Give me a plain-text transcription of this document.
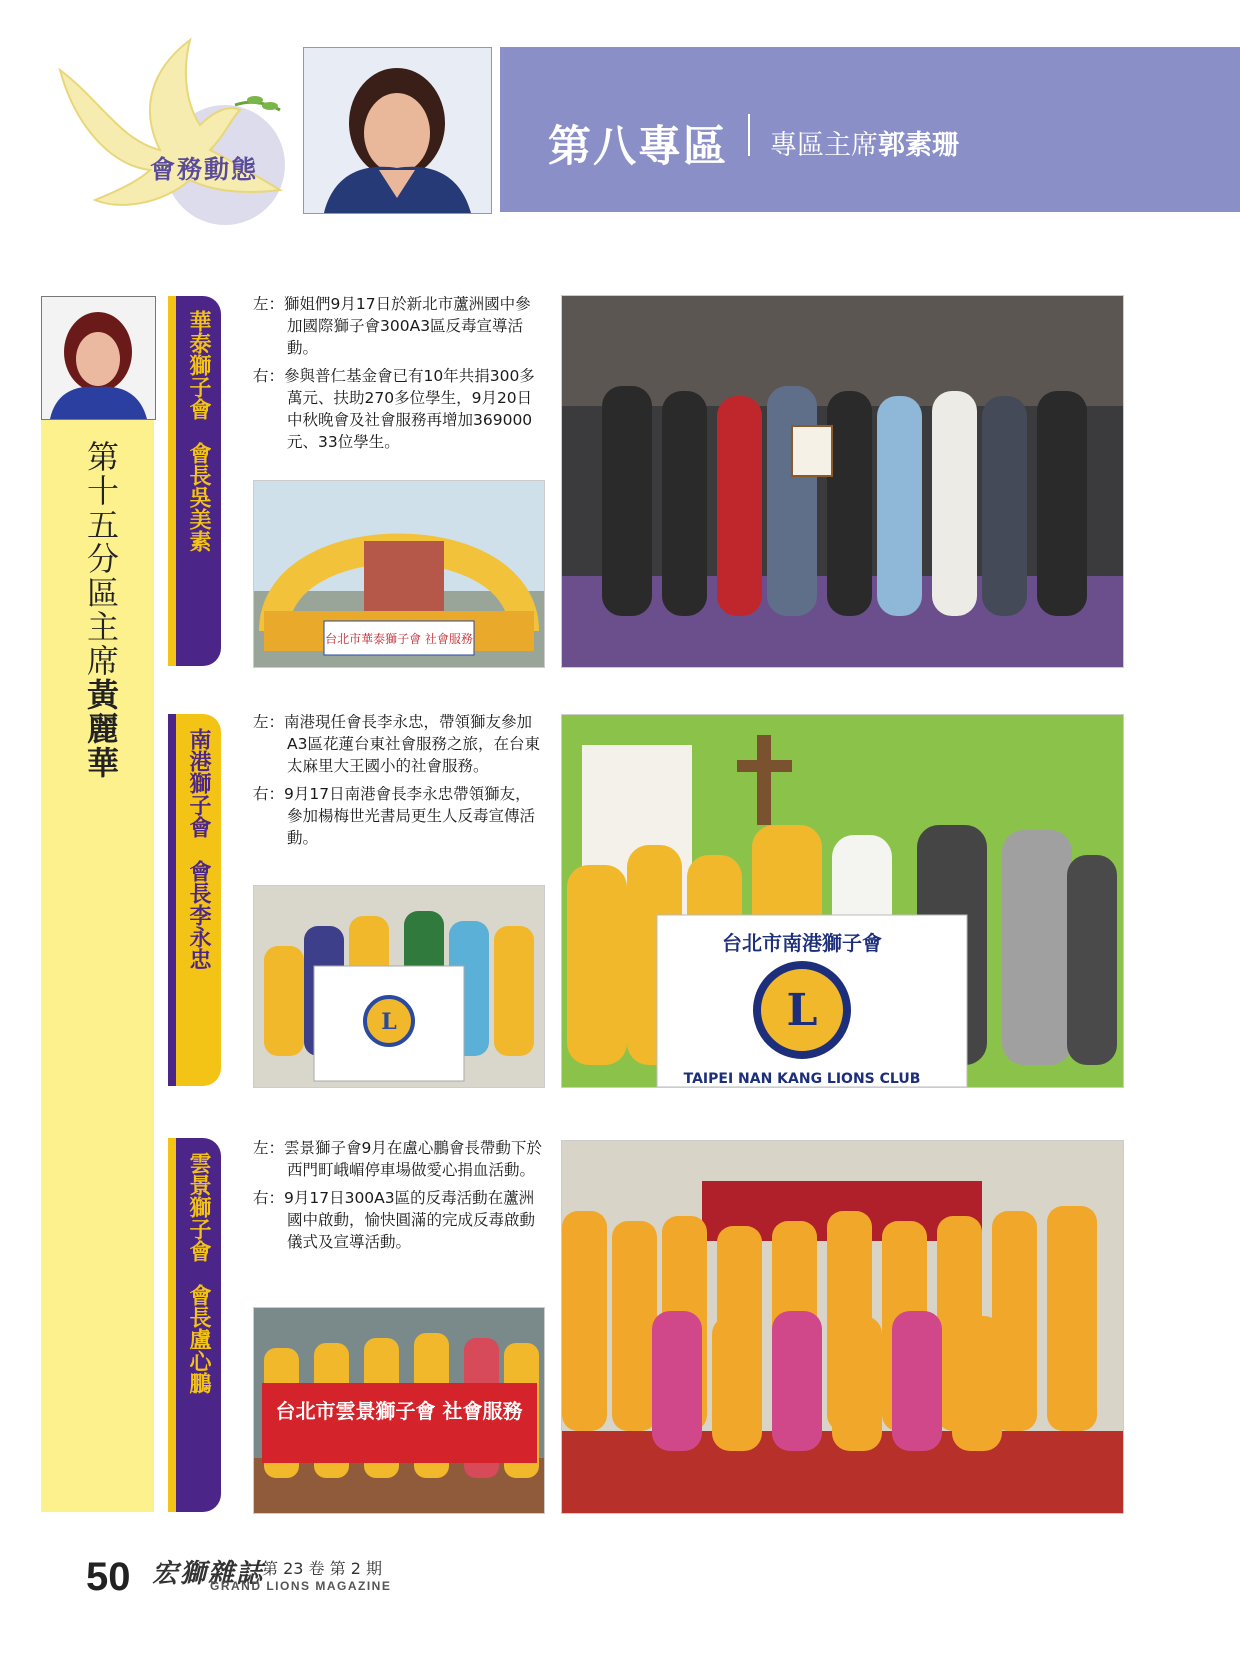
會務動態	第八專區 專區主席郭素珊
第十五分區主席黃麗華
華泰獅子會　會長吳美素

左：獅姐們9月17日於新北市蘆洲國中參加國際獅子會300A3區反毒宣導活動。

右：參與普仁基金會已有10年共捐300多萬元、扶助270多位學生，9月20日中秋晚會及社會服務再增加369000元、33位學生。

台北市華泰獅子會 社會服務
南港獅子會　會長李永忠

左：南港現任會長李永忠，帶領獅友參加A3區花蓮台東社會服務之旅，在台東太麻里大王國小的社會服務。

右：9月17日南港會長李永忠帶領獅友，參加楊梅世光書局更生人反毒宣傳活動。

L
台北市南港獅子會
L
TAIPEI NAN KANG LIONS CLUB
雲景獅子會　會長盧心鵬

左：雲景獅子會9月在盧心鵬會長帶動下於西門町峨嵋停車場做愛心捐血活動。

右：9月17日300A3區的反毒活動在蘆洲國中啟動，愉快圓滿的完成反毒啟動儀式及宣導活動。

台北市雲景獅子會 社會服務
50 宏獅雜誌
第 23 卷 第 2 期
GRAND LIONS MAGAZINE
